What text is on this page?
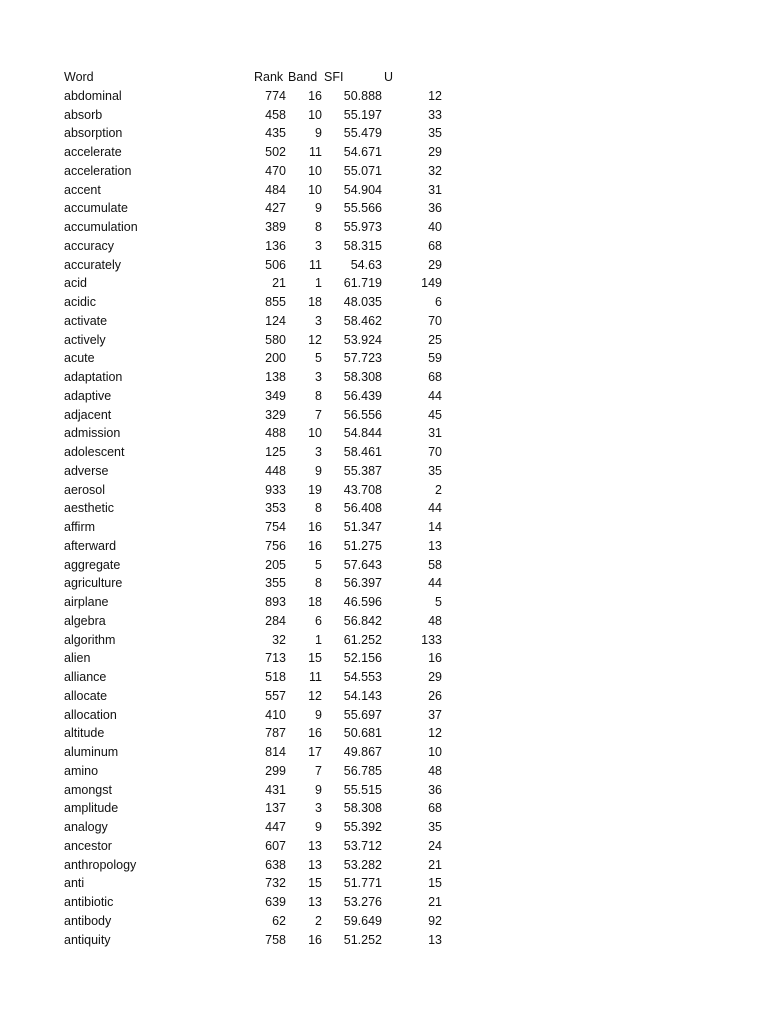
Word	Rank Band SFI	U
abdominal	774	16	50.888	12
absorb	458	10	55.197	33
absorption	435	9	55.479	35
accelerate	502	11	54.671	29
acceleration	470	10	55.071	32
accent	484	10	54.904	31
accumulate	427	9	55.566	36
accumulation	389	8	55.973	40
accuracy	136	3	58.315	68
accurately	506	11	54.63	29
acid	21	1	61.719	149
acidic	855	18	48.035	6
activate	124	3	58.462	70
actively	580	12	53.924	25
acute	200	5	57.723	59
adaptation	138	3	58.308	68
adaptive	349	8	56.439	44
adjacent	329	7	56.556	45
admission	488	10	54.844	31
adolescent	125	3	58.461	70
adverse	448	9	55.387	35
aerosol	933	19	43.708	2
aesthetic	353	8	56.408	44
affirm	754	16	51.347	14
afterward	756	16	51.275	13
aggregate	205	5	57.643	58
agriculture	355	8	56.397	44
airplane	893	18	46.596	5
algebra	284	6	56.842	48
algorithm	32	1	61.252	133
alien	713	15	52.156	16
alliance	518	11	54.553	29
allocate	557	12	54.143	26
allocation	410	9	55.697	37
altitude	787	16	50.681	12
aluminum	814	17	49.867	10
amino	299	7	56.785	48
amongst	431	9	55.515	36
amplitude	137	3	58.308	68
analogy	447	9	55.392	35
ancestor	607	13	53.712	24
anthropology	638	13	53.282	21
anti	732	15	51.771	15
antibiotic	639	13	53.276	21
antibody	62	2	59.649	92
antiquity	758	16	51.252	13
